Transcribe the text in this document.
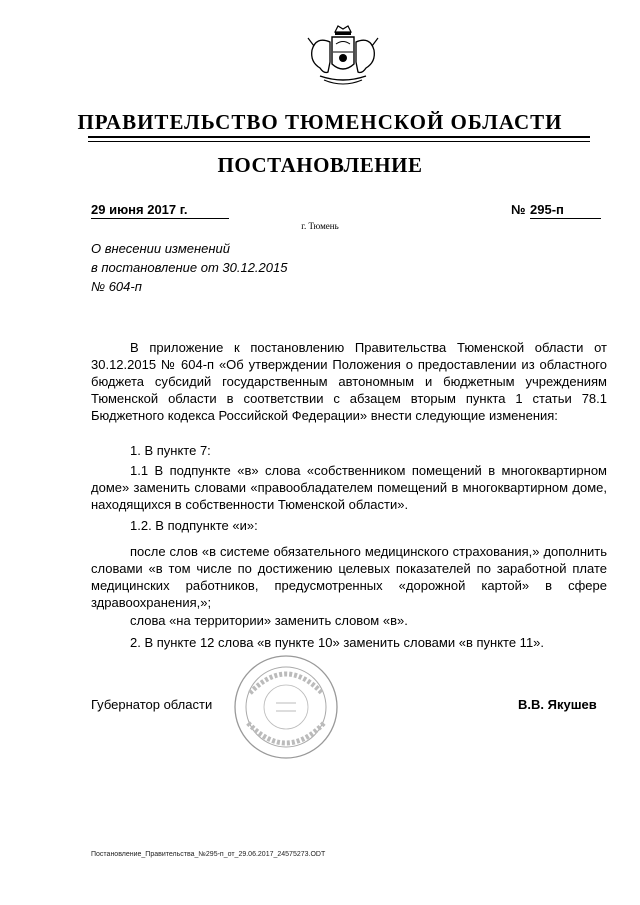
ПРАВИТЕЛЬСТВО ТЮМЕНСКОЙ ОБЛАСТИ
ПОСТАНОВЛЕНИЕ
29 июня 2017 г.	№ 295-п
г. Тюмень
О внесении изменений
в постановление от 30.12.2015
№ 604-п
В приложение к постановлению Правительства Тюменской области от 30.12.2015 № 604-п «Об утверждении Положения о предоставлении из областного бюджета субсидий государственным автономным и бюджетным учреждениям Тюменской области в соответствии с абзацем вторым пункта 1 статьи 78.1 Бюджетного кодекса Российской Федерации» внести следующие изменения:
1. В пункте 7:
1.1 В подпункте «в» слова «собственником помещений в многоквартирном доме» заменить словами «правообладателем помещений в многоквартирном доме, находящихся в собственности Тюменской области».
1.2. В подпункте «и»:
после слов «в системе обязательного медицинского страхования,» дополнить словами «в том числе по достижению целевых показателей по заработной плате медицинских работников, предусмотренных «дорожной картой» в сфере здравоохранения,»;
слова «на территории» заменить словом «в».
2. В пункте 12 слова «в пункте 10» заменить словами «в пункте 11».
Губернатор области	В.В. Якушев
Постановление_Правительства_№295-п_от_29.06.2017_24575273.ODT
